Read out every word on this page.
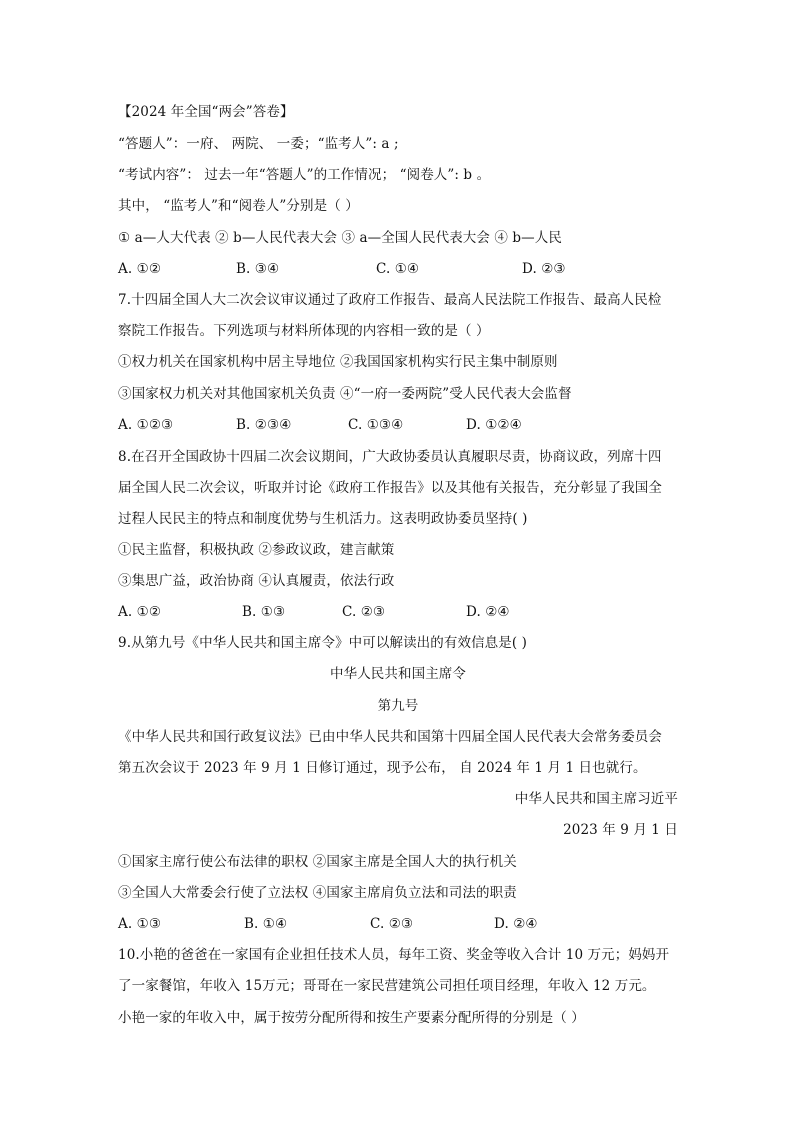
【2024 年全国“两会”答卷】
“答题人”：一府、 两院、 一委；“监考人”: a ;
“考试内容”： 过去一年“答题人”的工作情况； “阅卷人”: b 。
其中， “监考人”和“阅卷人”分别是（ ）
① a—人大代表 ② b—人民代表大会 ③ a—全国人民代表大会 ④ b—人民
A. ①②	B. ③④	C. ①④	D. ②③
7.十四届全国人大二次会议审议通过了政府工作报告、最高人民法院工作报告、最高人民检
察院工作报告。下列选项与材料所体现的内容相一致的是（ ）
①权力机关在国家机构中居主导地位 ②我国国家机构实行民主集中制原则
③国家权力机关对其他国家机关负责 ④“一府一委两院”受人民代表大会监督
A. ①②③	B. ②③④	C. ①③④	D. ①②④
8.在召开全国政协十四届二次会议期间，广大政协委员认真履职尽责，协商议政，列席十四
届全国人民二次会议，听取并讨论《政府工作报告》以及其他有关报告，充分彰显了我国全
过程人民民主的特点和制度优势与生机活力。这表明政协委员坚持( )
①民主监督，积极执政 ②参政议政，建言献策
③集思广益，政治协商 ④认真履责，依法行政
A. ①②	B. ①③	C. ②③	D. ②④
9.从第九号《中华人民共和国主席令》中可以解读出的有效信息是( )
中华人民共和国主席令
第九号
《中华人民共和国行政复议法》已由中华人民共和国第十四届全国人民代表大会常务委员会
第五次会议于 2023 年 9 月 1 日修订通过，现予公布， 自 2024 年 1 月 1 日也就行。
中华人民共和国主席习近平
2023 年 9 月 1 日
①国家主席行使公布法律的职权 ②国家主席是全国人大的执行机关
③全国人大常委会行使了立法权 ④国家主席肩负立法和司法的职责
A. ①③	B. ①④	C. ②③	D. ②④
10.小艳的爸爸在一家国有企业担任技术人员，每年工资、奖金等收入合计 10 万元；妈妈开
了一家餐馆，年收入 15万元；哥哥在一家民营建筑公司担任项目经理，年收入 12 万元。
小艳一家的年收入中，属于按劳分配所得和按生产要素分配所得的分别是（ ）
